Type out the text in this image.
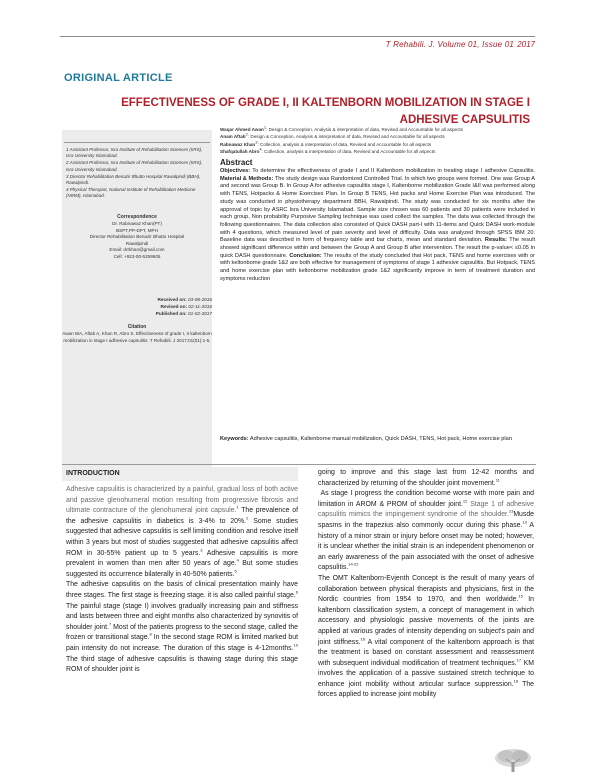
T Rehabili. J. Volume 01, Issue 01 2017
ORIGINAL ARTICLE
EFFECTIVENESS OF GRADE I, II KALTENBORN MOBILIZATION IN STAGE I
ADHESIVE CAPSULITIS
Waqar Ahmed Awan$^1$: Design & Conception, Analysis & interpretation of data, Revised and Accountable for all aspects
Anam Aftab$^2$: Design & Conception, Analysis & interpretation of data, Revised and Accountable for all aspects
Rabnawaz Khan$^3$: Collection, analysis & interpretation of data, Revised and Accountable for all aspects
Shafqatullah Abro$^4$: Collection, analysis & interpretation of data, Revised and Accountable for all aspects
1 Assistant Professor, Isra Institute of Rehabilitation Sciences (IIRS), Isra University Islamabad.
2 Assistant Professor, Isra Institute of Rehabilitation Sciences (IIRS), Isra University Islamabad.
3 Director Rehabilitation Benazir Bhutto Hospital Rawalpindi (BBH), Rawalpindi.
4 Physical Therapist, National Institute of Rehabilitation Medicine (NIRM), Islamabad.
Correspondence
Dr. Rabnawaz Khan(PT)
BSPT,PP-DPT, MPH
Director Rehabilitation Benazir Bhutto Hospital
Rawalpindi
Email: drrkhan@gmail.com
Cell: +923-00-5259505
Received on: 03-08-2016
Revised on: 02-11-2016
Published on: 01-02-2017
Citation
Awan WA, Aftab A, Khan R, Abro S. Effectiveness of grade I, II kaltenborn mobilization in stage I adhesive capsulitis. T Rehabili. J 2017;01(01):1-5.
Abstract
Objectives: To determine the effectiveness of grade I and II Kaltenborn mobilization in treating stage I adhesive Capsulitis. Material & Methods: The study design was Randomized Controlled Trial. In which two groups were formed. One was Group A and second was Group B. In Group A for adhesive capsulitis stage I, Kaltenborne mobilization Grade I&II was performed along with TENS, Hotpacks & Home Exercises Plan. In Group B TENS, Hot packs and Home Exercise Plan was introduced. The study was conducted in physiotherapy department BBH, Rawalpindi. The study was conducted for six months after the approval of topic by ASRC Isra University Islamabad. Sample size chosen was 60 patients and 30 patients were included in each group, Non probability Purposive Sampling technique was used collect the samples. The data was collected through the following questionnaires. The data collection also consisted of Quick DASH part-I with 11-items and Quick DASH work-module with 4 questions, which measured level of pain severity and level of difficulty. Data was analyzed through SPSS IBM 20. Baseline data was described in form of frequency table and bar charts, mean and standard deviation. Results: The result showed significant difference within and between the Group A and Group B after intervention. The result the p-value< ≤0.05 in quick DASH questionnaire. Conclusion: The results of the study concluded that Hot pack, TENS and home exercises with or with keltonborne grade 1&2 are both effective for management of symptoms of stage 1 adhesive capsulitis. But Hotpack, TENS and home exercise plan with keltonborne mobilization grade 1&2 significantly improve in term of treatment duration and symptoms reduction
Keywords: Adhesive capsulitis, Kaltenborne manual mobilization, Quick DASH, TENS, Hot pack, Home exercise plan
INTRODUCTION

Adhesive capsulitis is characterized by a painful, gradual loss of both active and passive glenohumeral motion resulting from progressive fibrosis and ultimate contracture of the glenohumeral joint capsule.$^1$ The prevalence of the adhesive capsulitis in diabetics is 3-4% to 20%.$^2$ Some studies suggested that adhesive capsulitis is self limiting condition and resolve itself within 3 years but most of studies suggested that adhesive capsulitis affect ROM in 30-55% patient up to 5 years.$^3$ Adhesive capsulitis is more prevalent in women than men after 50 years of age.$^4$ But some studies suggested its occurrence bilaterally in 40-50% patients.$^5$

The adhesive capsulitis on the basis of clinical presentation mainly have three stages. The first stage is freezing stage. it is also called painful stage.$^6$ The painful stage (stage I) involves gradually increasing pain and stiffness and lasts between three and eight months also characterized by synovitis of shoulder joint.$^7$ Most of the patients progress to the second stage, called the frozen or transitional stage.$^8$ In the second stage ROM is limited marked but pain intensity do not increase. The duration of this stage is 4-12months.$^{10}$ The third stage of adhesive capsulitis is thawing stage during this stage ROM of shoulder joint is

going to improve and this stage last from 12-42 months and characterized by returning of the shoulder joint movement.$^{11}$

As stage I progress the condition become worse with more pain and limitation in AROM & PROM of shoulder joint.$^{12}$ Stage 1 of adhesive capsulitis mimics the impingement syndrome of the shoulder.$^{13}$Musde spasms in the trapezius also commonly occur during this phase.$^{13}$ A history of a minor strain or injury before onset may be noted; however, it is unclear whether the initial strain is an independent phenomenon or an early awareness of the pain associated with the onset of adhesive capsulitis.$^{14-22}$

The OMT Kaltenborn-Evjenth Concept is the result of many years of collaboration between physical therapists and physicians, first in the Nordic countries from 1954 to 1970, and then worldwide.$^{15}$ In kaltenborn classification system, a concept of management in which accessory and physiologic passive movements of the joints are applied at various grades of intensity depending on subject's pain and joint stiffness.$^{16}$ A vital component of the kaltenborn approach is that the treatment is based on constant assessment and reassessment with subsequent individual modification of treatment techniques.$^{17}$ KM involves the application of a passive sustained stretch technique to enhance joint mobility without articular surface suppression.$^{18}$ The forces applied to increase joint mobility
